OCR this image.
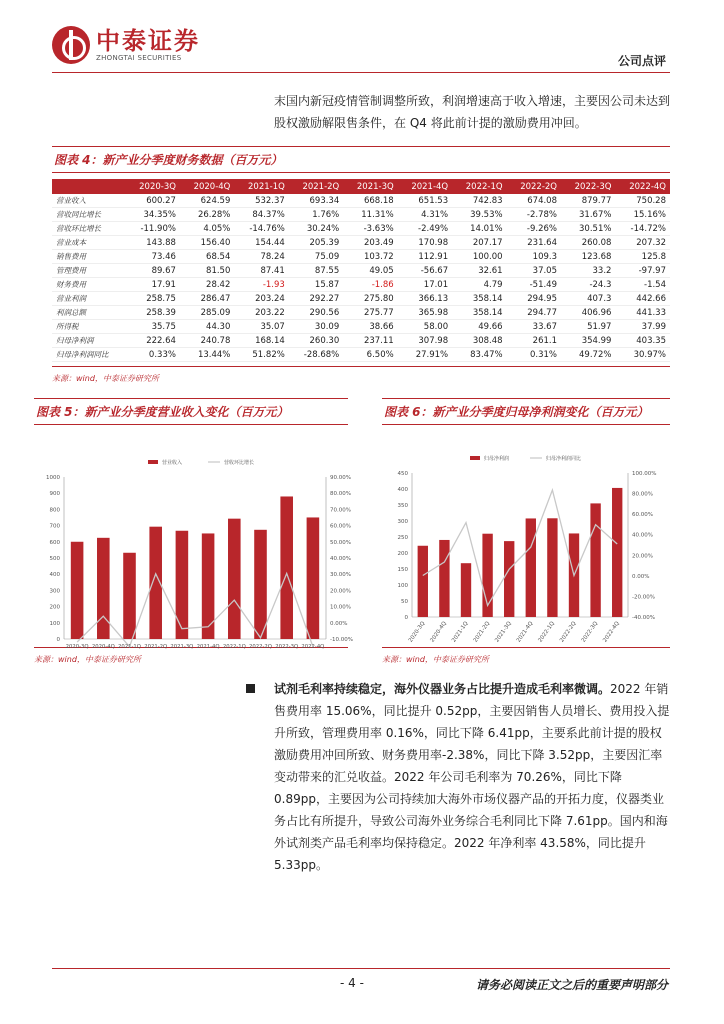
中泰证券
ZHONGTAI SECURITIES	公司点评
末国内新冠疫情管制调整所致，利润增速高于收入增速，主要因公司未达到股权激励解限售条件，在 Q4 将此前计提的激励费用冲回。
图表 4：新产业分季度财务数据（百万元）
	2020-3Q	2020-4Q	2021-1Q	2021-2Q	2021-3Q	2021-4Q	2022-1Q	2022-2Q	2022-3Q	2022-4Q
营业收入	600.27	624.59	532.37	693.34	668.18	651.53	742.83	674.08	879.77	750.28
营收同比增长	34.35%	26.28%	84.37%	1.76%	11.31%	4.31%	39.53%	-2.78%	31.67%	15.16%
营收环比增长	-11.90%	4.05%	-14.76%	30.24%	-3.63%	-2.49%	14.01%	-9.26%	30.51%	-14.72%
营业成本	143.88	156.40	154.44	205.39	203.49	170.98	207.17	231.64	260.08	207.32
销售费用	73.46	68.54	78.24	75.09	103.72	112.91	100.00	109.3	123.68	125.8
管理费用	89.67	81.50	87.41	87.55	49.05	-56.67	32.61	37.05	33.2	-97.97
财务费用	17.91	28.42	-1.93	15.87	-1.86	17.01	4.79	-51.49	-24.3	-1.54
营业利润	258.75	286.47	203.24	292.27	275.80	366.13	358.14	294.95	407.3	442.66
利润总额	258.39	285.09	203.22	290.56	275.77	365.98	358.14	294.77	406.96	441.33
所得税	35.75	44.30	35.07	30.09	38.66	58.00	49.66	33.67	51.97	37.99
归母净利润	222.64	240.78	168.14	260.30	237.11	307.98	308.48	261.1	354.99	403.35
归母净利润同比	0.33%	13.44%	51.82%	-28.68%	6.50%	27.91%	83.47%	0.31%	49.72%	30.97%
来源：wind，中泰证券研究所
图表 5：新产业分季度营业收入变化（百万元）
0
100
200
300
400
500
600
700
800
900
1000
-10.00%
0.00%
10.00%
20.00%
30.00%
40.00%
50.00%
60.00%
70.00%
80.00%
90.00%
营业收入	营收环比增长
2020-3Q 2020-4Q 2021-1Q 2021-2Q 2021-3Q 2021-4Q 2022-1Q 2022-2Q 2022-3Q 2022-4Q
来源：wind，中泰证券研究所
图表 6：新产业分季度归母净利润变化（百万元）
0
50
100
150
200
250
300
350
400
450
-40.00%
-20.00%
0.00%
20.00%
40.00%
60.00%
80.00%
100.00%
归母净利润	归母净利润同比
2020-3Q 2020-4Q 2021-1Q 2021-2Q 2021-3Q 2021-4Q 2022-1Q 2022-2Q 2022-3Q 2022-4Q
来源：wind，中泰证券研究所
试剂毛利率持续稳定，海外仪器业务占比提升造成毛利率微调。2022 年销售费用率 15.06%，同比提升 0.52pp，主要因销售人员增长、费用投入提升所致，管理费用率 0.16%，同比下降 6.41pp，主要系此前计提的股权激励费用冲回所致、财务费用率-2.38%，同比下降 3.52pp，主要因汇率变动带来的汇兑收益。2022 年公司毛利率为 70.26%，同比下降 0.89pp，主要因为公司持续加大海外市场仪器产品的开拓力度，仪器类业务占比有所提升，导致公司海外业务综合毛利同比下降 7.61pp。国内和海外试剂类产品毛利率均保持稳定。2022 年净利率 43.58%，同比提升 5.33pp。
- 4 -	请务必阅读正文之后的重要声明部分
